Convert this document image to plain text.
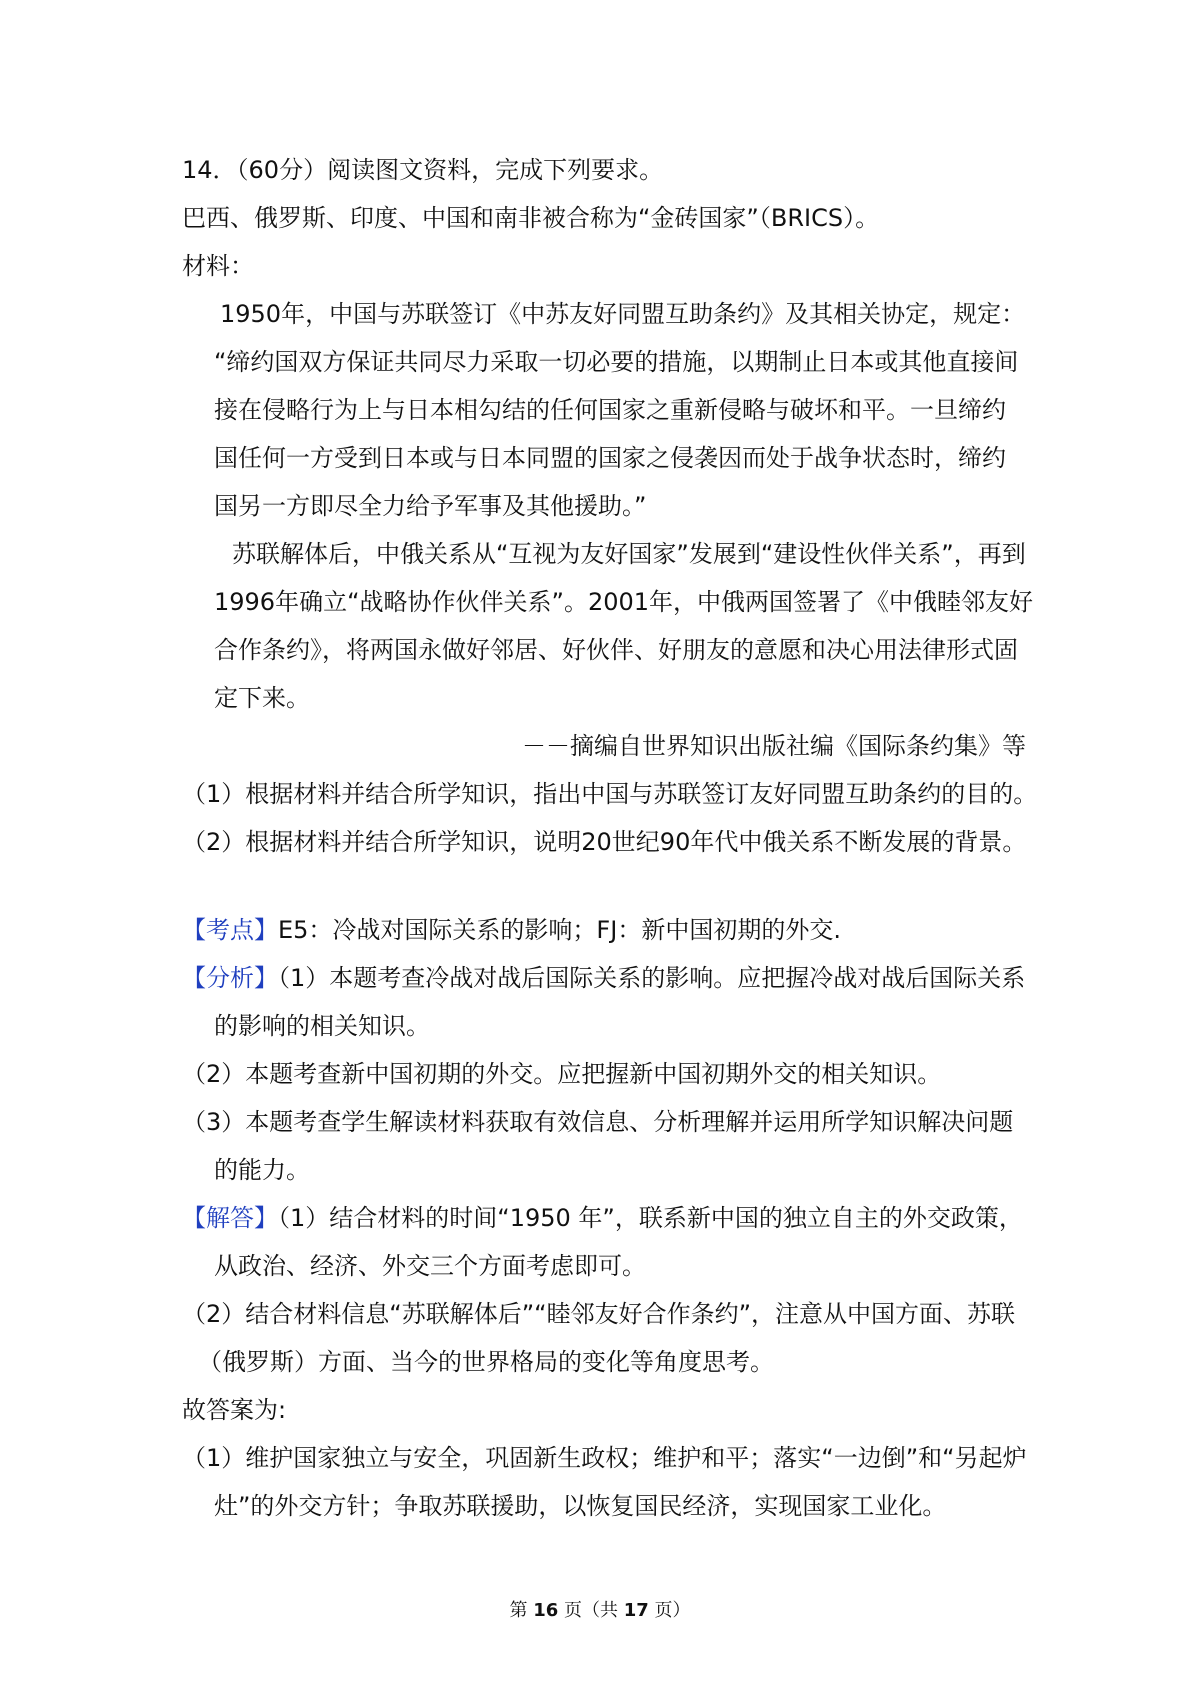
14．（60分）阅读图文资料，完成下列要求。
巴西、俄罗斯、印度、中国和南非被合称为“金砖国家”（BRICS）。
材料：
1950年，中国与苏联签订《中苏友好同盟互助条约》及其相关协定，规定：
“缔约国双方保证共同尽力采取一切必要的措施，以期制止日本或其他直接间
接在侵略行为上与日本相勾结的任何国家之重新侵略与破坏和平。一旦缔约
国任何一方受到日本或与日本同盟的国家之侵袭因而处于战争状态时，缔约
国另一方即尽全力给予军事及其他援助。”
苏联解体后，中俄关系从“互视为友好国家”发展到“建设性伙伴关系”，再到
1996年确立“战略协作伙伴关系”。2001年，中俄两国签署了《中俄睦邻友好
合作条约》，将两国永做好邻居、好伙伴、好朋友的意愿和决心用法律形式固
定下来。
－－摘编自世界知识出版社编《国际条约集》等
（1）根据材料并结合所学知识，指出中国与苏联签订友好同盟互助条约的目的。
（2）根据材料并结合所学知识，说明20世纪90年代中俄关系不断发展的背景。
【考点】E5：冷战对国际关系的影响；FJ：新中国初期的外交.
【分析】（1）本题考查冷战对战后国际关系的影响。应把握冷战对战后国际关系
的影响的相关知识。
（2）本题考查新中国初期的外交。应把握新中国初期外交的相关知识。
（3）本题考查学生解读材料获取有效信息、分析理解并运用所学知识解决问题
的能力。
【解答】（1）结合材料的时间“1950 年”，联系新中国的独立自主的外交政策，
从政治、经济、外交三个方面考虑即可。
（2）结合材料信息“苏联解体后”“睦邻友好合作条约”，注意从中国方面、苏联
（俄罗斯）方面、当今的世界格局的变化等角度思考。
故答案为:
（1）维护国家独立与安全，巩固新生政权；维护和平；落实“一边倒”和“另起炉
灶”的外交方针；争取苏联援助，以恢复国民经济，实现国家工业化。
第 16 页（共 17 页）
